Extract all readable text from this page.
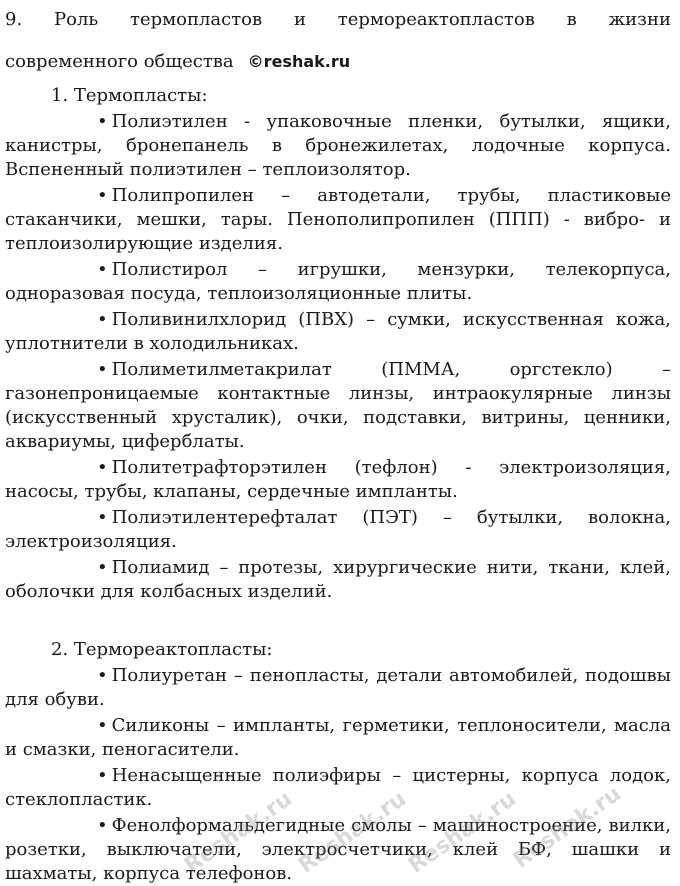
9. Роль термопластов и термореактопластов в жизни

современного общества ©reshak.ru

1. Термопласты:

• Полиэтилен - упаковочные пленки, бутылки, ящики, канистры, бронепанель в бронежилетах, лодочные корпуса. Вспененный полиэтилен – теплоизолятор.

• Полипропилен – автодетали, трубы, пластиковые стаканчики, мешки, тары. Пенополипропилен (ППП) - вибро- и теплоизолирующие изделия.

• Полистирол – игрушки, мензурки, телекорпуса, одноразовая посуда, теплоизоляционные плиты.

• Поливинилхлорид (ПВХ) – сумки, искусственная кожа, уплотнители в холодильниках.

• Полиметилметакрилат (ПММА, оргстекло) – газонепроницаемые контактные линзы, интраокулярные линзы (искусственный хрусталик), очки, подставки, витрины, ценники, аквариумы, циферблаты.

• Политетрафторэтилен (тефлон) - электроизоляция, насосы, трубы, клапаны, сердечные импланты.

• Полиэтилентерефталат (ПЭТ) – бутылки, волокна, электроизоляция.

• Полиамид – протезы, хирургические нити, ткани, клей, оболочки для колбасных изделий.

2. Термореактопласты:

• Полиуретан – пенопласты, детали автомобилей, подошвы для обуви.

• Силиконы – импланты, герметики, теплоносители, масла и смазки, пеногасители.

• Ненасыщенные полиэфиры – цистерны, корпуса лодок, стеклопластик.

• Фенолформальдегидные смолы – машиностроение, вилки, розетки, выключатели, электросчетчики, клей БФ, шашки и шахматы, корпуса телефонов.

Reshak.ru
Reshak.ru
Reshak.ru
Reshak.ru
